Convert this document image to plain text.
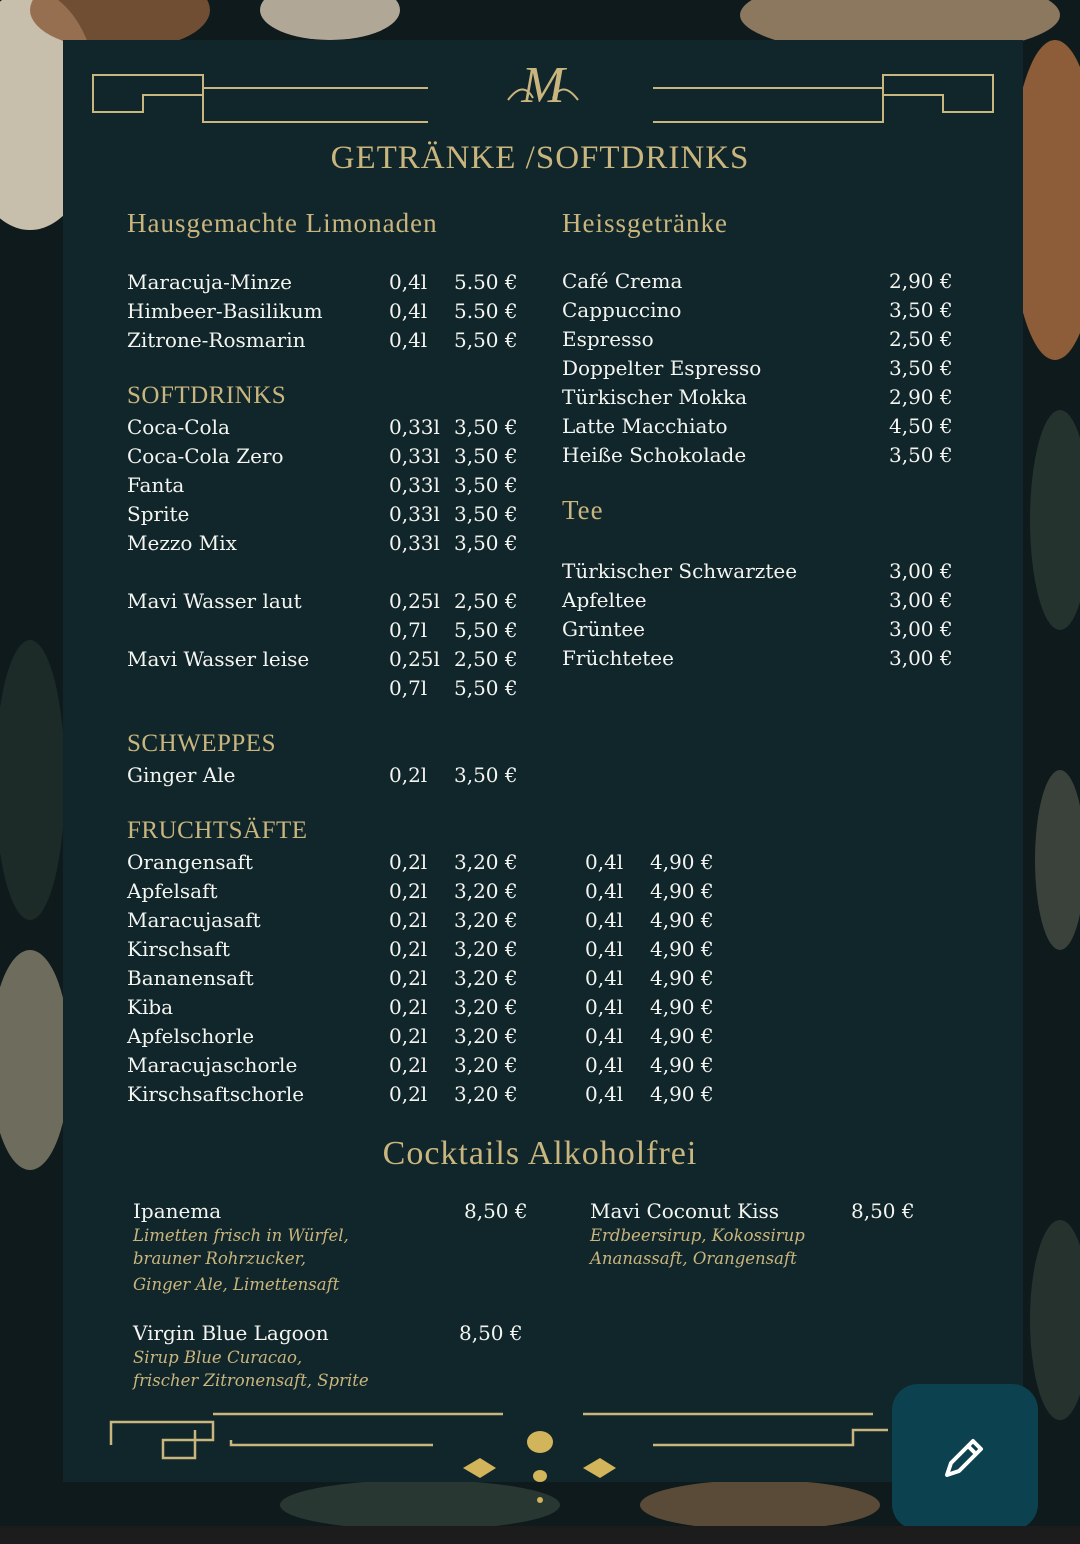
M
GETRÄNKE /SOFTDRINKS
Hausgemachte Limonaden
Maracuja-Minze	0,4l 5.50 €
Himbeer-Basilikum	0,4l 5.50 €
Zitrone-Rosmarin	0,4l 5,50 €
SOFTDRINKS
Coca-Cola	0,33l 3,50 €
Coca-Cola Zero	0,33l 3,50 €
Fanta	0,33l 3,50 €
Sprite	0,33l 3,50 €
Mezzo Mix	0,33l 3,50 €
Mavi Wasser laut	0,25l 2,50 €
0,7l 5,50 €
Mavi Wasser leise	0,25l 2,50 €
0,7l 5,50 €
SCHWEPPES
Ginger Ale	0,2l 3,50 €
FRUCHTSÄFTE
Orangensaft	0,2l 3,20 €	0,4l 4,90 €
Apfelsaft	0,2l 3,20 €	0,4l 4,90 €
Maracujasaft	0,2l 3,20 €	0,4l 4,90 €
Kirschsaft	0,2l 3,20 €	0,4l 4,90 €
Bananensaft	0,2l 3,20 €	0,4l 4,90 €
Kiba	0,2l 3,20 €	0,4l 4,90 €
Apfelschorle	0,2l 3,20 €	0,4l 4,90 €
Maracujaschorle	0,2l 3,20 €	0,4l 4,90 €
Kirschsaftschorle	0,2l 3,20 €	0,4l 4,90 €
Heissgetränke
Café Crema	2,90 €
Cappuccino	3,50 €
Espresso	2,50 €
Doppelter Espresso	3,50 €
Türkischer Mokka	2,90 €
Latte Macchiato	4,50 €
Heiße Schokolade	3,50 €
Tee
Türkischer Schwarztee	3,00 €
Apfeltee	3,00 €
Grüntee	3,00 €
Früchtetee	3,00 €
Cocktails Alkoholfrei
Ipanema	8,50 €
Limetten frisch in Würfel,
brauner Rohrzucker,
Ginger Ale, Limettensaft
Mavi Coconut Kiss	8,50 €
Erdbeersirup, Kokossirup
Ananassaft, Orangensaft
Virgin Blue Lagoon	8,50 €
Sirup Blue Curacao,
frischer Zitronensaft, Sprite
